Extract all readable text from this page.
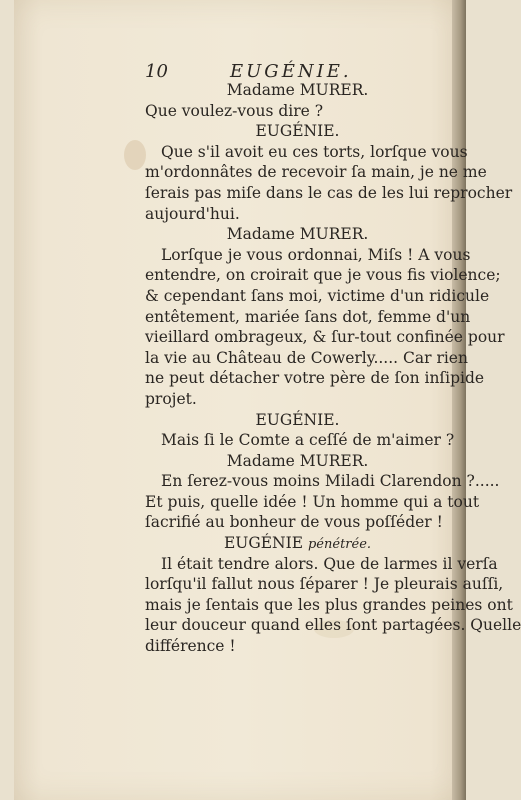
10	EUGÉNIE.
Madame MURER.
Que voulez-vous dire ?
EUGÉNIE.
Que s'il avoit eu ces torts, lorſque vous
m'ordonnâtes de recevoir ſa main, je ne me
ſerais pas miſe dans le cas de les lui reprocher
aujourd'hui.
Madame MURER.
Lorſque je vous ordonnai, Miſs ! A vous
entendre, on croirait que je vous fis violence;
& cependant ſans moi, victime d'un ridicule
entêtement, mariée ſans dot, femme d'un
vieillard ombrageux, & ſur-tout confinée pour
la vie au Château de Cowerly..... Car rien
ne peut détacher votre père de ſon inſipide
projet.
EUGÉNIE.
Mais ſi le Comte a ceſſé de m'aimer ?
Madame MURER.
En ſerez-vous moins Miladi Clarendon ?.....
Et puis, quelle idée ! Un homme qui a tout
ſacrifié au bonheur de vous poſſéder !
EUGÉNIE pénétrée.
Il était tendre alors. Que de larmes il verſa
lorſqu'il fallut nous ſéparer ! Je pleurais auſſi,
mais je ſentais que les plus grandes peines ont
leur douceur quand elles ſont partagées. Quelle
différence !
